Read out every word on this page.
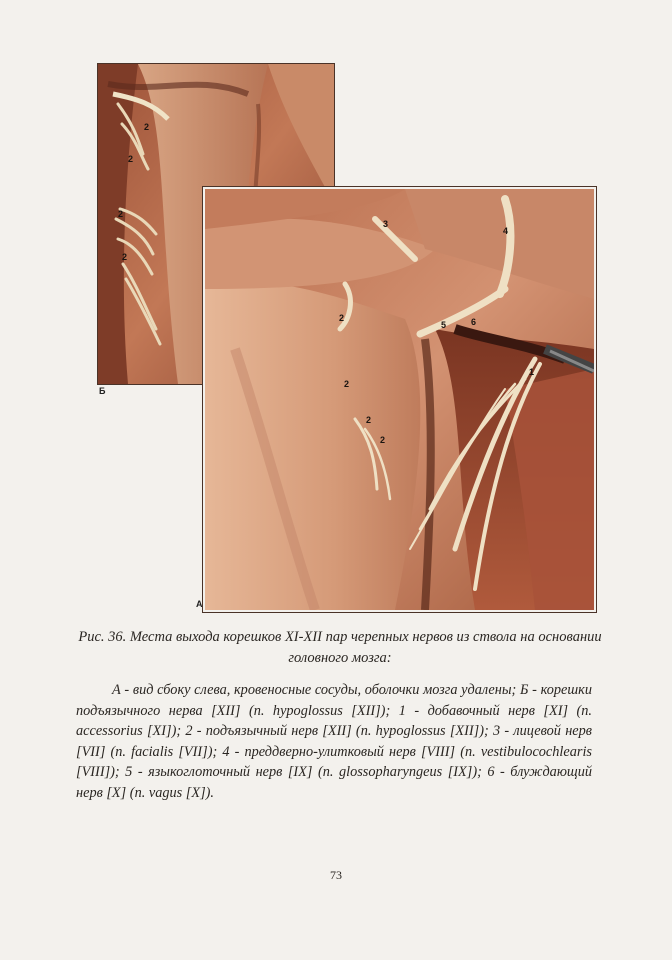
2
2
2
2
Б
3
4
2
5	6
1
2
2
2
А

Рис. 36. Места выхода корешков XI-XII пар черепных нервов из ствола на основании головного мозга:

А - вид сбоку слева, кровеносные сосуды, оболочки мозга удалены; Б - корешки подъязычного нерва [XII] (n. hypoglossus [XII]); 1 - добавочный нерв [XI] (n. accessorius [XI]); 2 - подъязычный нерв [XII] (n. hypoglossus [XII]); 3 - лицевой нерв [VII] (n. facialis [VII]); 4 - преддверно-улитковый нерв [VIII] (n. vestibulocochlearis [VIII]); 5 - языкоглоточный нерв [IX] (n. glossopharyngeus [IX]); 6 - блуждающий нерв [X] (n. vagus [X]).

73
